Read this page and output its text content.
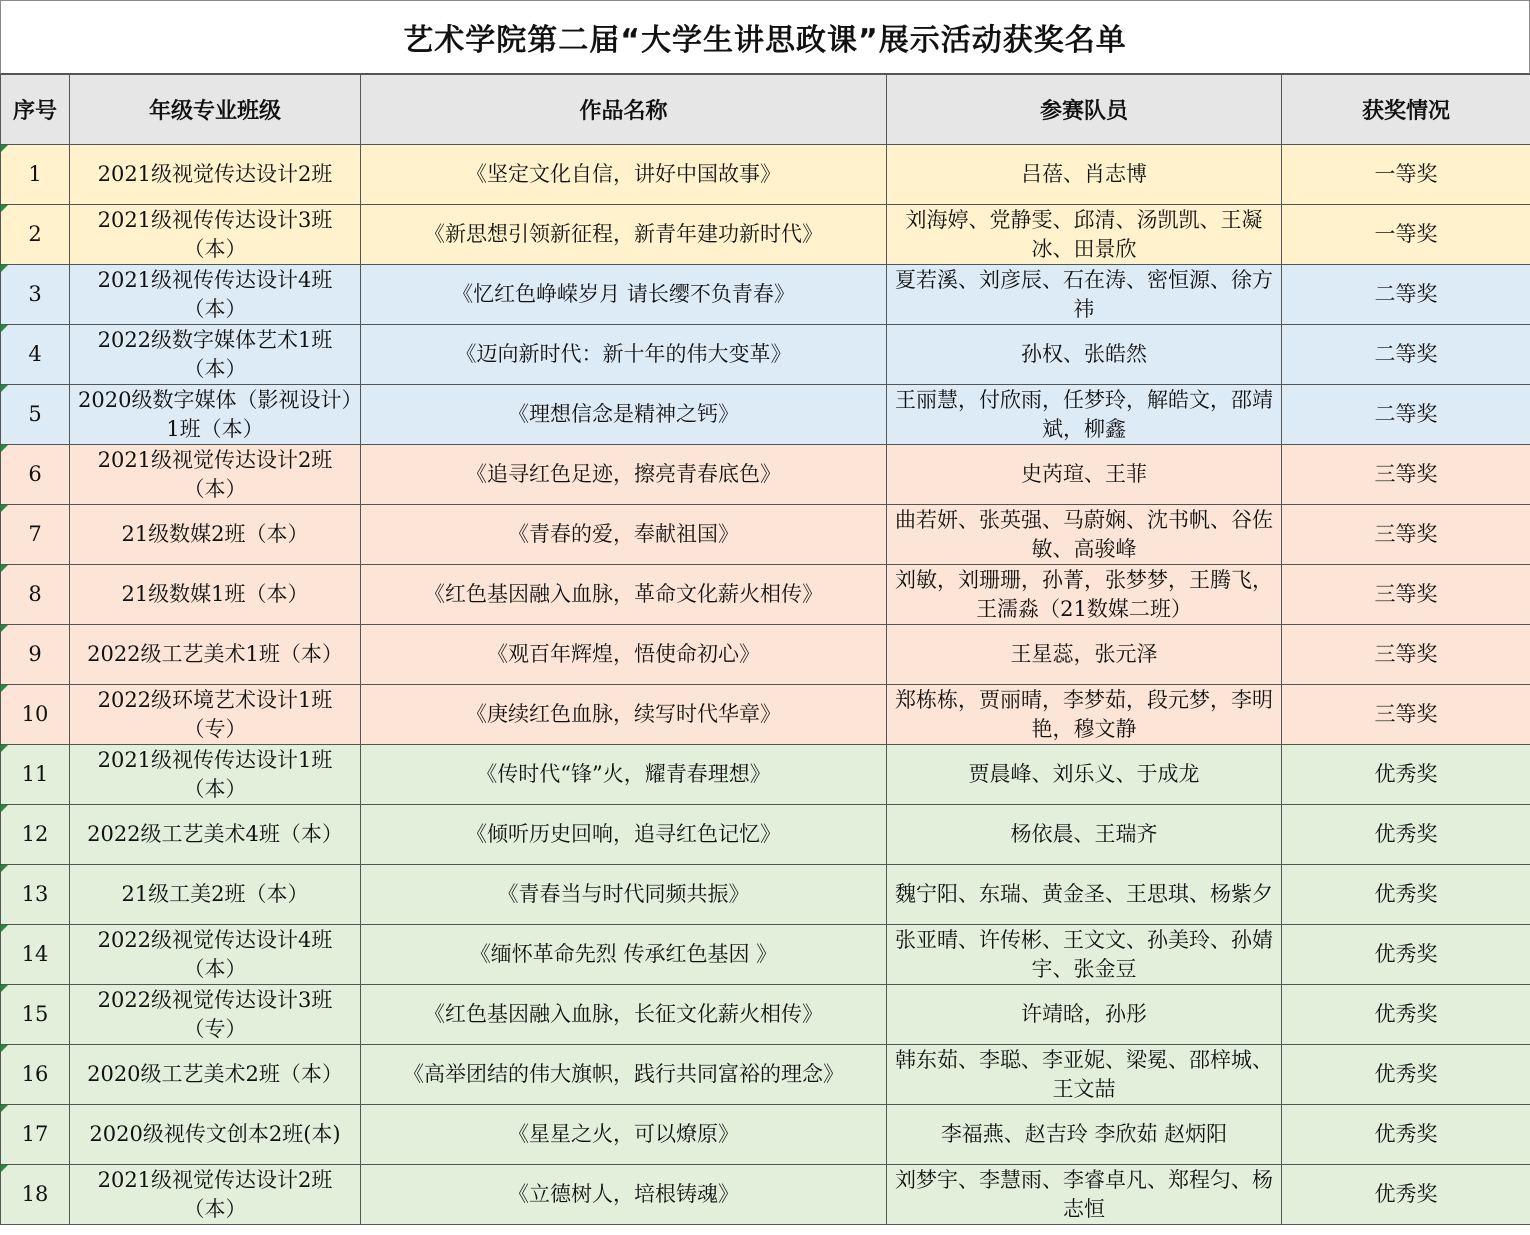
艺术学院第二届“大学生讲思政课”展示活动获奖名单
序号	年级专业班级	作品名称	参赛队员	获奖情况
1	2021级视觉传达设计2班	《坚定文化自信，讲好中国故事》	吕蓓、肖志博	一等奖
2	2021级视传传达设计3班（本）	《新思想引领新征程，新青年建功新时代》	刘海婷、党静雯、邱清、汤凯凯、王凝冰、田景欣	一等奖
3	2021级视传传达设计4班（本）	《忆红色峥嵘岁月 请长缨不负青春》	夏若溪、刘彦辰、石在涛、密恒源、徐方祎	二等奖
4	2022级数字媒体艺术1班（本）	《迈向新时代：新十年的伟大变革》	孙权、张皓然	二等奖
5	2020级数字媒体（影视设计）1班（本）	《理想信念是精神之钙》	王丽慧，付欣雨，任梦玲，解皓文，邵靖斌，柳鑫	二等奖
6	2021级视觉传达设计2班（本）	《追寻红色足迹，擦亮青春底色》	史芮瑄、王菲	三等奖
7	21级数媒2班（本）	《青春的爱，奉献祖国》	曲若妍、张英强、马蔚娴、沈书帆、谷佐敏、高骏峰	三等奖
8	21级数媒1班（本）	《红色基因融入血脉，革命文化薪火相传》	刘敏，刘珊珊，孙菁，张梦梦，王腾飞，王濡淼（21数媒二班）	三等奖
9	2022级工艺美术1班（本）	《观百年辉煌，悟使命初心》	王星蕊，张元泽	三等奖
10	2022级环境艺术设计1班（专）	《庚续红色血脉，续写时代华章》	郑栋栋，贾丽晴，李梦茹，段元梦，李明艳，穆文静	三等奖
11	2021级视传传达设计1班（本）	《传时代“锋”火，耀青春理想》	贾晨峰、刘乐义、于成龙	优秀奖
12	2022级工艺美术4班（本）	《倾听历史回响，追寻红色记忆》	杨依晨、王瑞齐	优秀奖
13	21级工美2班（本）	《青春当与时代同频共振》	魏宁阳、东瑞、黄金圣、王思琪、杨紫夕	优秀奖
14	2022级视觉传达设计4班（本）	《缅怀革命先烈 传承红色基因 》	张亚晴、许传彬、王文文、孙美玲、孙婧宇、张金豆	优秀奖
15	2022级视觉传达设计3班（专）	《红色基因融入血脉，长征文化薪火相传》	许靖晗，孙彤	优秀奖
16	2020级工艺美术2班（本）	《高举团结的伟大旗帜，践行共同富裕的理念》	韩东茹、李聪、李亚妮、梁冕、邵梓城、王文喆	优秀奖
17	2020级视传文创本2班(本)	《星星之火，可以燎原》	李福燕、赵吉玲 李欣茹 赵炳阳	优秀奖
18	2021级视觉传达设计2班（本）	《立德树人，培根铸魂》	刘梦宇、李慧雨、李睿卓凡、郑程匀、杨志恒	优秀奖
